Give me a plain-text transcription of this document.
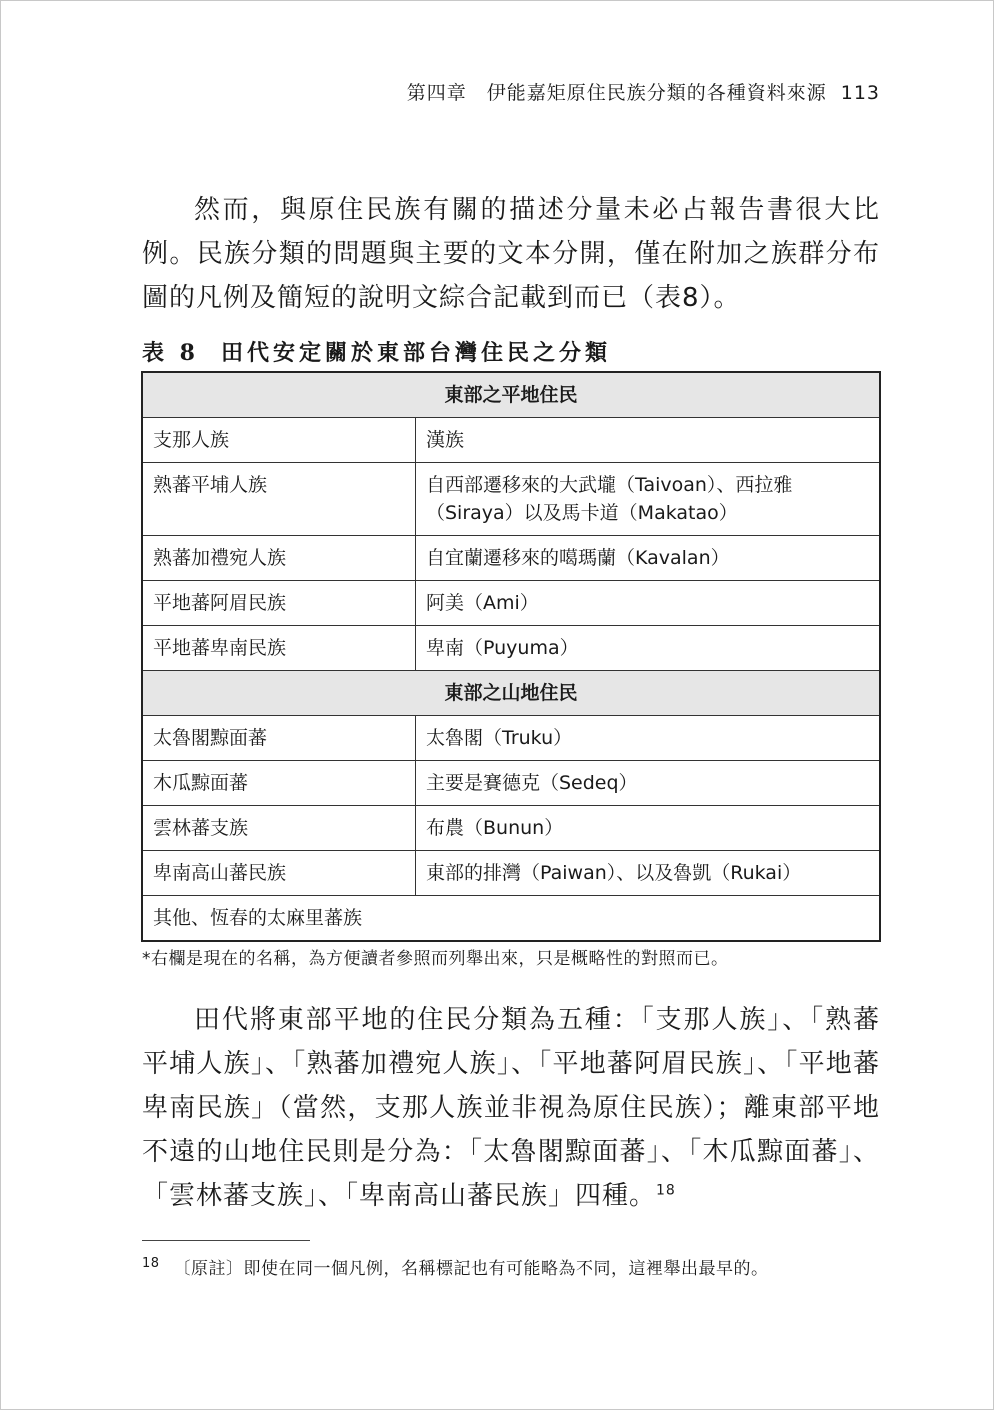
第四章　伊能嘉矩原住民族分類的各種資料來源 113

然而，與原住民族有關的描述分量未必占報告書很大比例。民族分類的問題與主要的文本分開，僅在附加之族群分布圖的凡例及簡短的說明文綜合記載到而已（表8）。

表 8 田代安定關於東部台灣住民之分類
東部之平地住民	
支那人族	漢族
熟蕃平埔人族	自西部遷移來的大武壠（Taivoan）、西拉雅（Siraya）以及馬卡道（Makatao）
熟蕃加禮宛人族	自宜蘭遷移來的噶瑪蘭（Kavalan）
平地蕃阿眉民族	阿美（Ami）
平地蕃卑南民族	卑南（Puyuma）
東部之山地住民	
太魯閣黥面蕃	太魯閣（Truku）
木瓜黥面蕃	主要是賽德克（Sedeq）
雲林蕃支族	布農（Bunun）
卑南高山蕃民族	東部的排灣（Paiwan）、以及魯凱（Rukai）
其他、恆春的太麻里蕃族	
*右欄是現在的名稱，為方便讀者參照而列舉出來，只是概略性的對照而已。

田代將東部平地的住民分類為五種：「支那人族」、「熟蕃平埔人族」、「熟蕃加禮宛人族」、「平地蕃阿眉民族」、「平地蕃卑南民族」（當然，支那人族並非視為原住民族）；離東部平地不遠的山地住民則是分為：「太魯閣黥面蕃」、「木瓜黥面蕃」、「雲林蕃支族」、「卑南高山蕃民族」四種。$^{18}$

$^{18}$ 〔原註〕即使在同一個凡例，名稱標記也有可能略為不同，這裡舉出最早的。
